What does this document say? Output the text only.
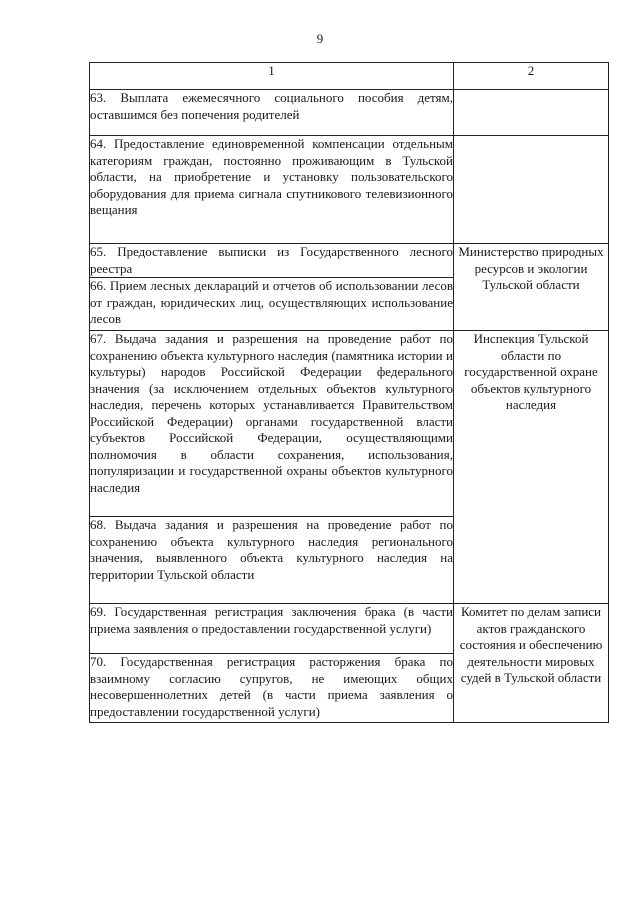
9
1	2
63. Выплата ежемесячного социального пособия детям, оставшимся без попечения родителей	
64. Предоставление единовременной компенсации отдельным категориям граждан, постоянно проживающим в Тульской области, на приобретение и установку пользовательского оборудования для приема сигнала спутникового телевизионного вещания	
65. Предоставление выписки из Государственного лесного реестра	Министерство природных ресурсов и экологии Тульской области
66. Прием лесных деклараций и отчетов об использовании лесов от граждан, юридических лиц, осуществляющих использование лесов	
67. Выдача задания и разрешения на проведение работ по сохранению объекта культурного наследия (памятника истории и культуры) народов Российской Федерации федерального значения (за исключением отдельных объектов культурного наследия, перечень которых устанавливается Правительством Российской Федерации) органами государственной власти субъектов Российской Федерации, осуществляющими полномочия в области сохранения, использования, популяризации и государственной охраны объектов культурного наследия	Инспекция Тульской области по государственной охране объектов культурного наследия
68. Выдача задания и разрешения на проведение работ по сохранению объекта культурного наследия регионального значения, выявленного объекта культурного наследия на территории Тульской области	
69. Государственная регистрация заключения брака (в части приема заявления о предоставлении государственной услуги)	Комитет по делам записи актов гражданского состояния и обеспечению деятельности мировых судей в Тульской области
70. Государственная регистрация расторжения брака по взаимному согласию супругов, не имеющих общих несовершеннолетних детей (в части приема заявления о предоставлении государственной услуги)	
